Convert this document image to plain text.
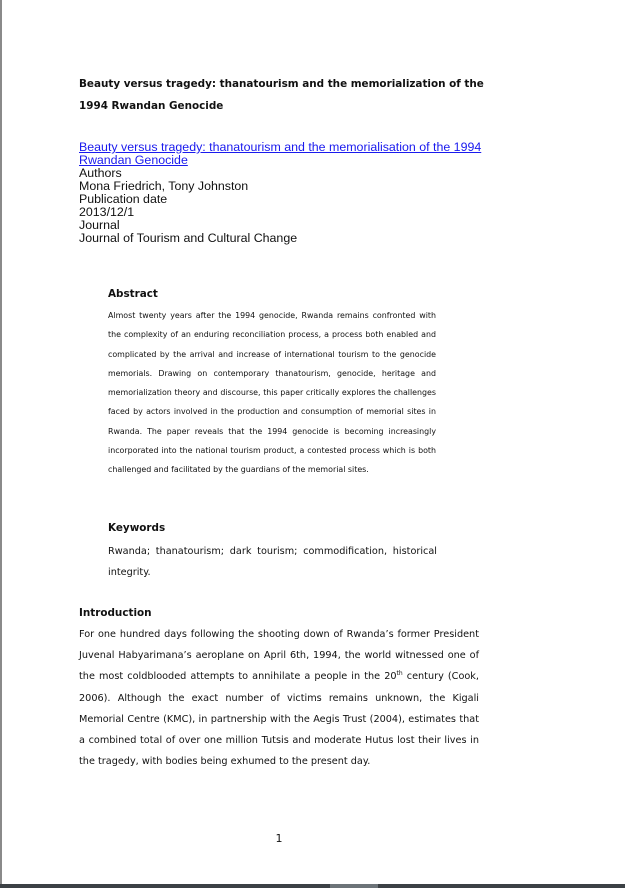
Beauty versus tragedy: thanatourism and the memorialization of the 1994 Rwandan Genocide
Beauty versus tragedy: thanatourism and the memorialisation of the 1994 Rwandan Genocide
Authors
Mona Friedrich, Tony Johnston
Publication date
2013/12/1
Journal
Journal of Tourism and Cultural Change
Abstract
Almost twenty years after the 1994 genocide, Rwanda remains confronted with the complexity of an enduring reconciliation process, a process both enabled and complicated by the arrival and increase of international tourism to the genocide memorials. Drawing on contemporary thanatourism, genocide, heritage and memorialization theory and discourse, this paper critically explores the challenges faced by actors involved in the production and consumption of memorial sites in Rwanda. The paper reveals that the 1994 genocide is becoming increasingly incorporated into the national tourism product, a contested process which is both challenged and facilitated by the guardians of the memorial sites.
Keywords
Rwanda; thanatourism; dark tourism; commodification, historical integrity.
Introduction
For one hundred days following the shooting down of Rwanda’s former President Juvenal Habyarimana’s aeroplane on April 6th, 1994, the world witnessed one of the most coldblooded attempts to annihilate a people in the 20th century (Cook, 2006). Although the exact number of victims remains unknown, the Kigali Memorial Centre (KMC), in partnership with the Aegis Trust (2004), estimates that a combined total of over one million Tutsis and moderate Hutus lost their lives in the tragedy, with bodies being exhumed to the present day.
1
